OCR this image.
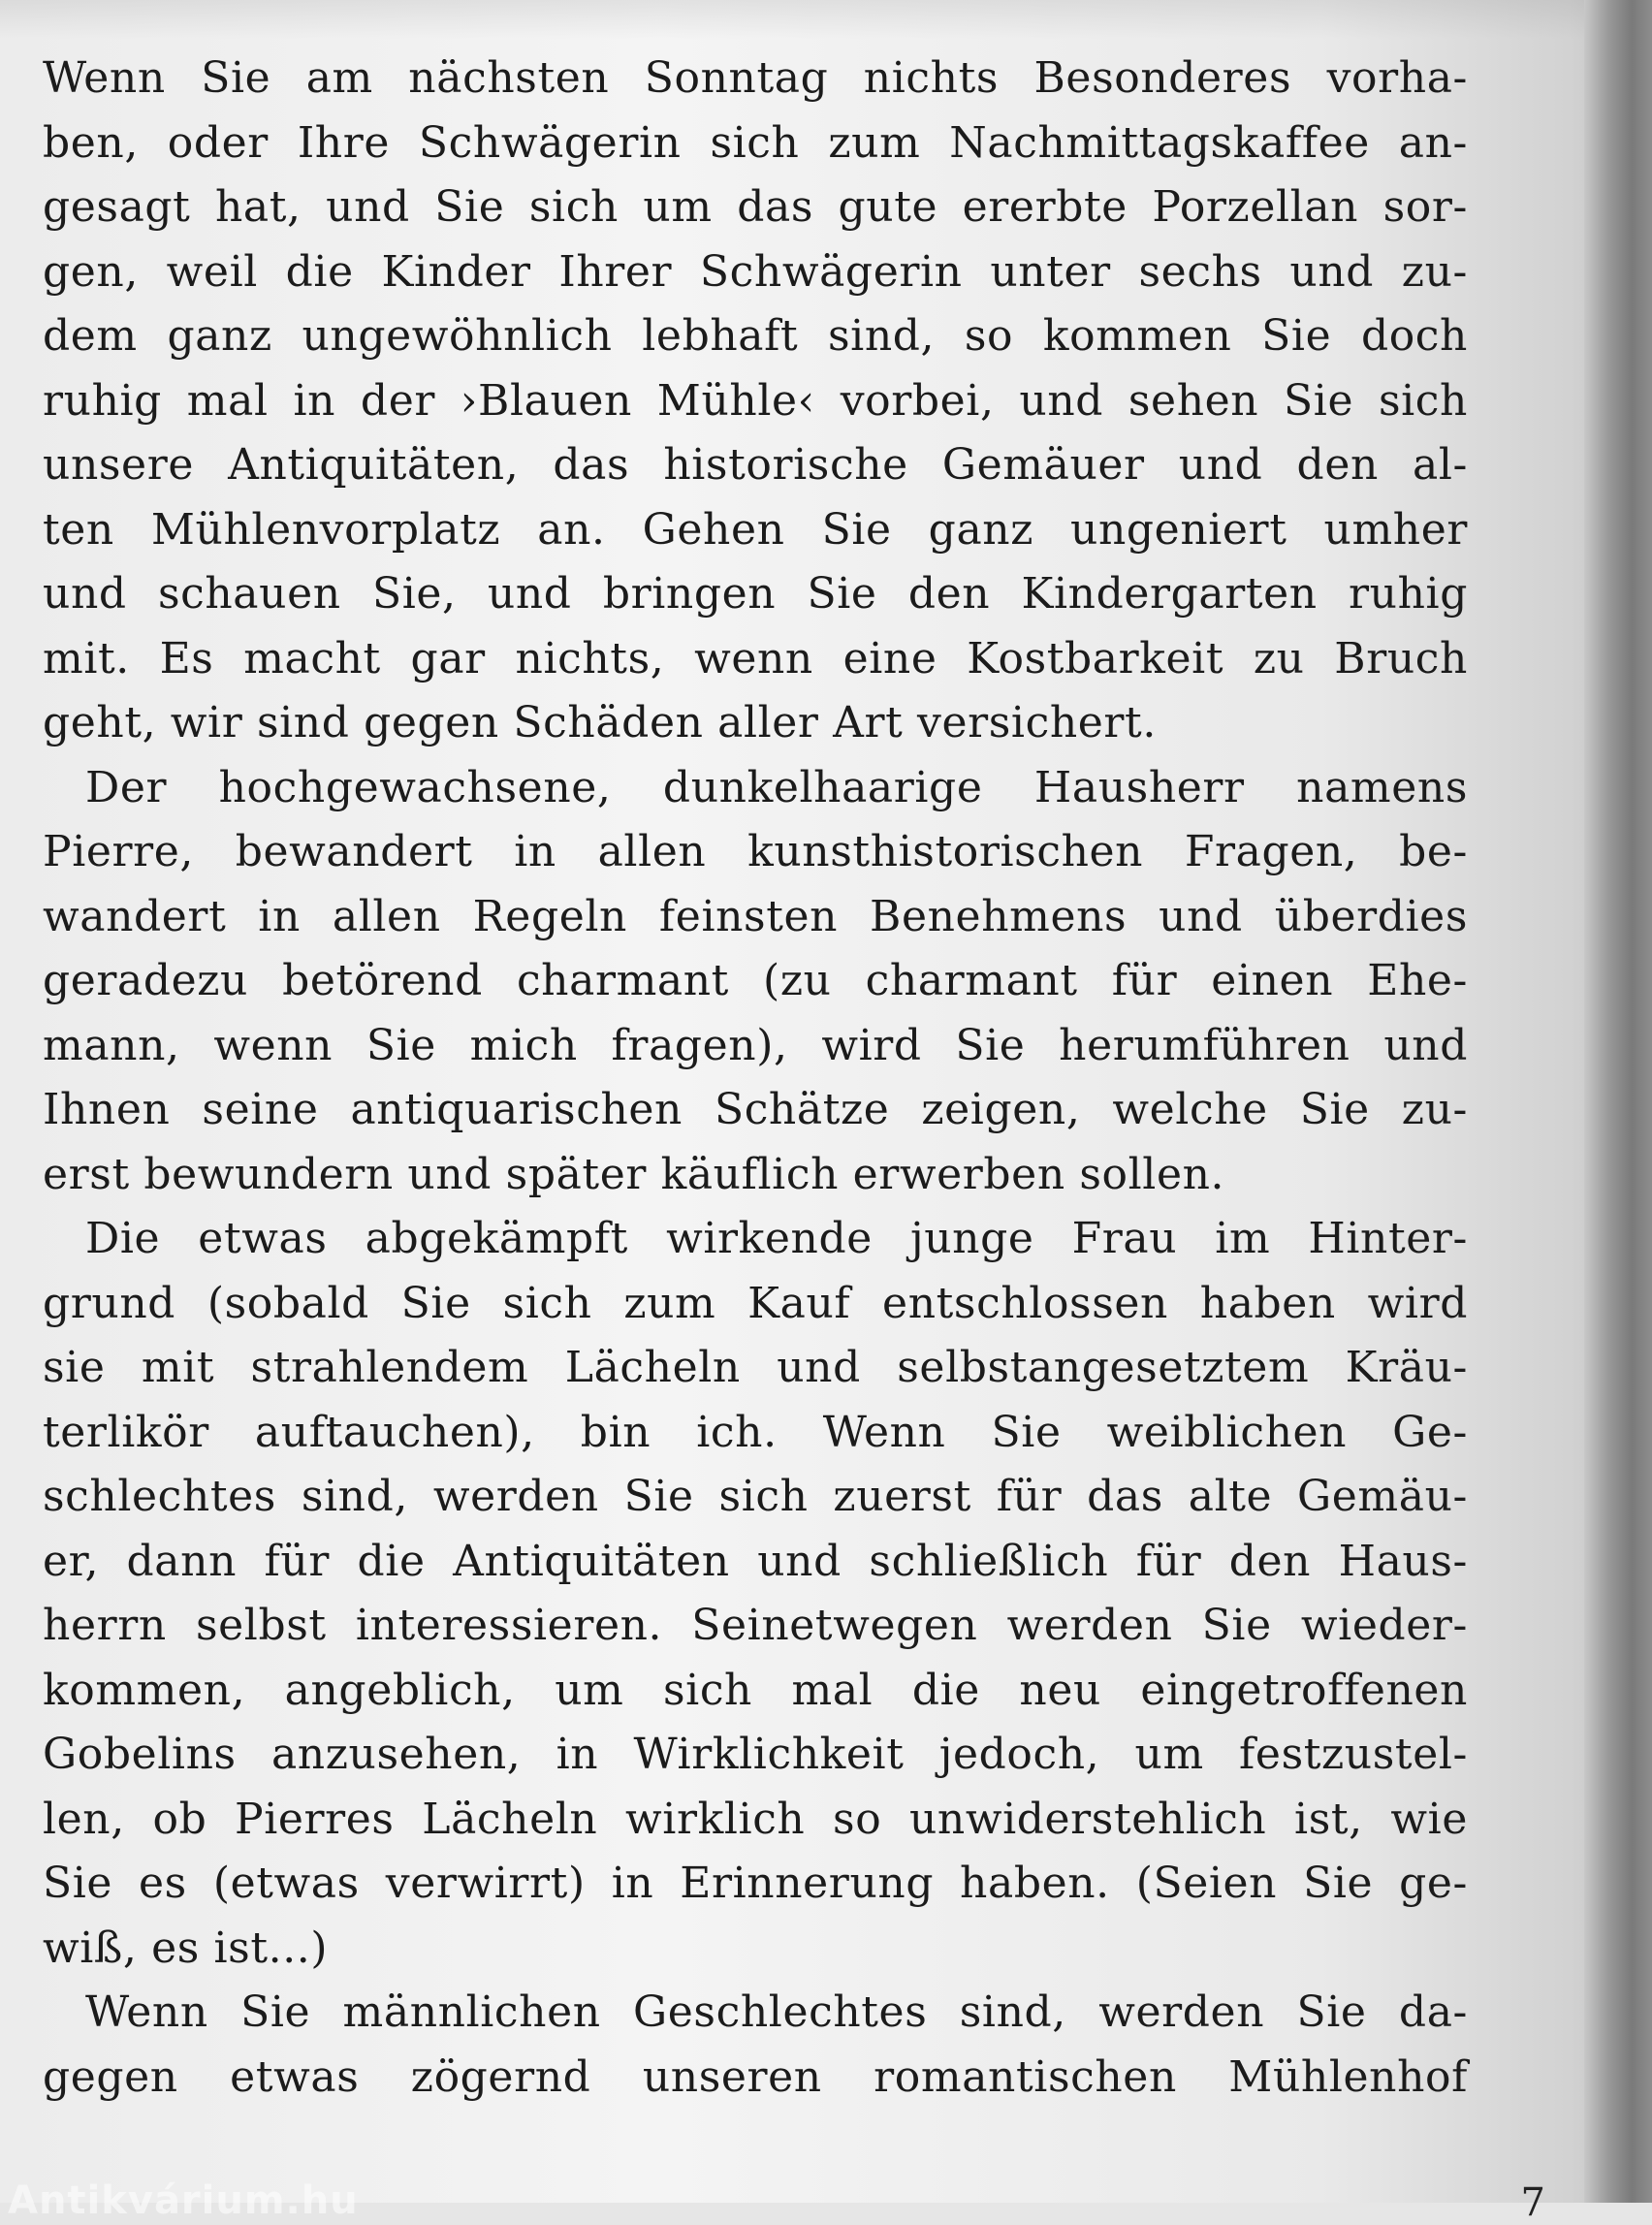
Wenn Sie am nächsten Sonntag nichts Besonderes vorha-
ben, oder Ihre Schwägerin sich zum Nachmittagskaffee an-
gesagt hat, und Sie sich um das gute ererbte Porzellan sor-
gen, weil die Kinder Ihrer Schwägerin unter sechs und zu-
dem ganz ungewöhnlich lebhaft sind, so kommen Sie doch
ruhig mal in der ›Blauen Mühle‹ vorbei, und sehen Sie sich
unsere Antiquitäten, das historische Gemäuer und den al-
ten Mühlenvorplatz an. Gehen Sie ganz ungeniert umher
und schauen Sie, und bringen Sie den Kindergarten ruhig
mit. Es macht gar nichts, wenn eine Kostbarkeit zu Bruch
geht, wir sind gegen Schäden aller Art versichert.
Der hochgewachsene, dunkelhaarige Hausherr namens
Pierre, bewandert in allen kunsthistorischen Fragen, be-
wandert in allen Regeln feinsten Benehmens und überdies
geradezu betörend charmant (zu charmant für einen Ehe-
mann, wenn Sie mich fragen), wird Sie herumführen und
Ihnen seine antiquarischen Schätze zeigen, welche Sie zu-
erst bewundern und später käuflich erwerben sollen.
Die etwas abgekämpft wirkende junge Frau im Hinter-
grund (sobald Sie sich zum Kauf entschlossen haben wird
sie mit strahlendem Lächeln und selbstangesetztem Kräu-
terlikör auftauchen), bin ich. Wenn Sie weiblichen Ge-
schlechtes sind, werden Sie sich zuerst für das alte Gemäu-
er, dann für die Antiquitäten und schließlich für den Haus-
herrn selbst interessieren. Seinetwegen werden Sie wieder-
kommen, angeblich, um sich mal die neu eingetroffenen
Gobelins anzusehen, in Wirklichkeit jedoch, um festzustel-
len, ob Pierres Lächeln wirklich so unwiderstehlich ist, wie
Sie es (etwas verwirrt) in Erinnerung haben. (Seien Sie ge-
wiß, es ist...)
Wenn Sie männlichen Geschlechtes sind, werden Sie da-
gegen etwas zögernd unseren romantischen Mühlenhof
Antikvárium.hu	7
